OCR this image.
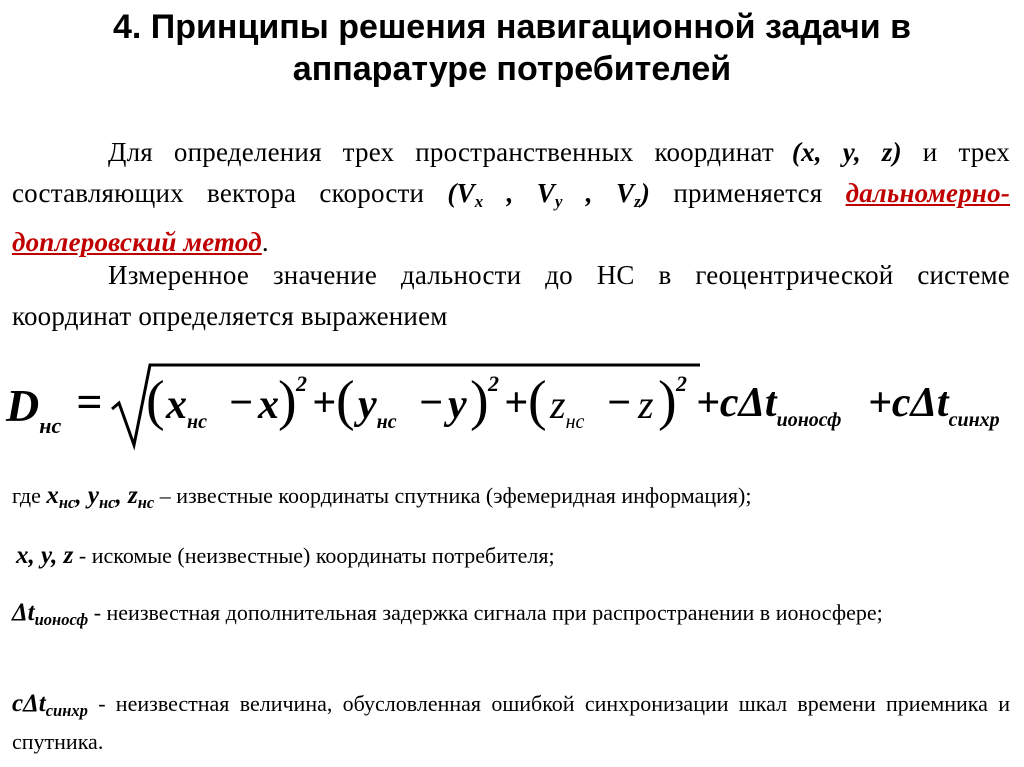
4. Принципы решения навигационной задачи в
аппаратуре потребителей
Для определения трех пространственных координат (x, y, z) и трех составляющих вектора скорости ($V_x$ , $V_y$ , $V_z$) применяется дальномерно-доплеровский метод.
Измеренное значение дальности до НС в геоцентрической системе координат определяется выражением
$D_{нс}$ = ( $x_{нс} - x$ ) 2 + ( $y_{нс} - y$ ) 2 + ( $z_{нс} - z$ ) 2 +cΔt$_{ионосф}$ +cΔt$_{синхр}$
где $x_{нс}$, $y_{нс}$, $z_{нс}$ – известные координаты спутника (эфемеридная информация);
x, y, z - искомые (неизвестные) координаты потребителя;
$\Delta t_{ионосф}$ - неизвестная дополнительная задержка сигнала при распространении в ионосфере;
cΔt$_{синхр}$ - неизвестная величина, обусловленная ошибкой синхронизации шкал времени приемника и спутника.
